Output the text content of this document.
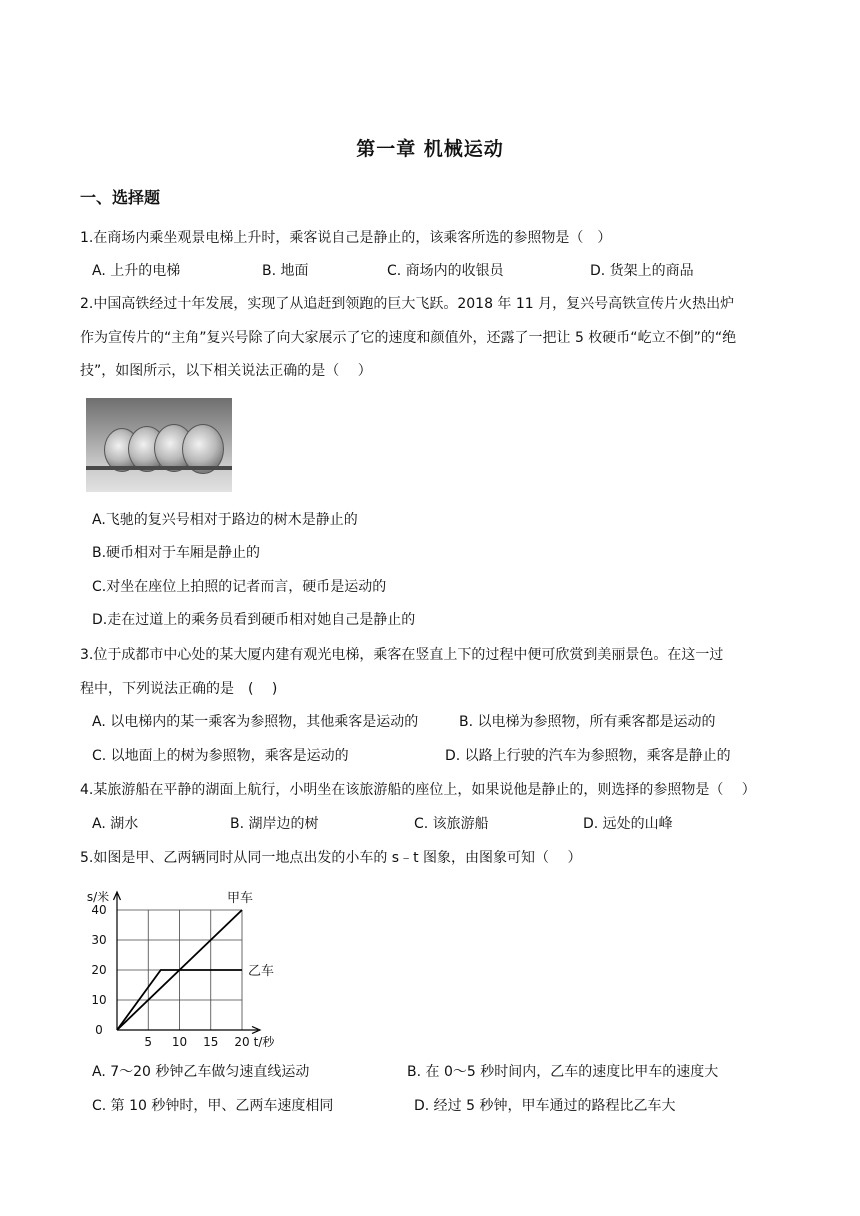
第一章 机械运动
一、选择题
1.在商场内乘坐观景电梯上升时，乘客说自己是静止的，该乘客所选的参照物是（　）
A. 上升的电梯	B. 地面	C. 商场内的收银员	D. 货架上的商品
2.中国高铁经过十年发展，实现了从追赶到领跑的巨大飞跃。2018 年 11 月，复兴号高铁宣传片火热出炉
作为宣传片的“主角”复兴号除了向大家展示了它的速度和颜值外，还露了一把让 5 枚硬币“屹立不倒”的“绝
技”，如图所示，以下相关说法正确的是（　 ）
A.飞驰的复兴号相对于路边的树木是静止的
B.硬币相对于车厢是静止的
C.对坐在座位上拍照的记者而言，硬币是运动的
D.走在过道上的乘务员看到硬币相对她自己是静止的
3.位于成都市中心处的某大厦内建有观光电梯，乘客在竖直上下的过程中便可欣赏到美丽景色。在这一过
程中，下列说法正确的是　(　 )
A. 以电梯内的某一乘客为参照物，其他乘客是运动的	B. 以电梯为参照物，所有乘客都是运动的
C. 以地面上的树为参照物，乘客是运动的	D. 以路上行驶的汽车为参照物，乘客是静止的
4.某旅游船在平静的湖面上航行，小明坐在该旅游船的座位上，如果说他是静止的，则选择的参照物是（　 ）
A. 湖水	B. 湖岸边的树	C. 该旅游船	D. 远处的山峰
5.如图是甲、乙两辆同时从同一地点出发的小车的 s﹣t 图象，由图象可知（　 ）
0
10
20
30
40
5 10 15 20
s/米
t/秒
甲车
乙车
A. 7～20 秒钟乙车做匀速直线运动	B. 在 0～5 秒时间内，乙车的速度比甲车的速度大
C. 第 10 秒钟时，甲、乙两车速度相同	D. 经过 5 秒钟，甲车通过的路程比乙车大
